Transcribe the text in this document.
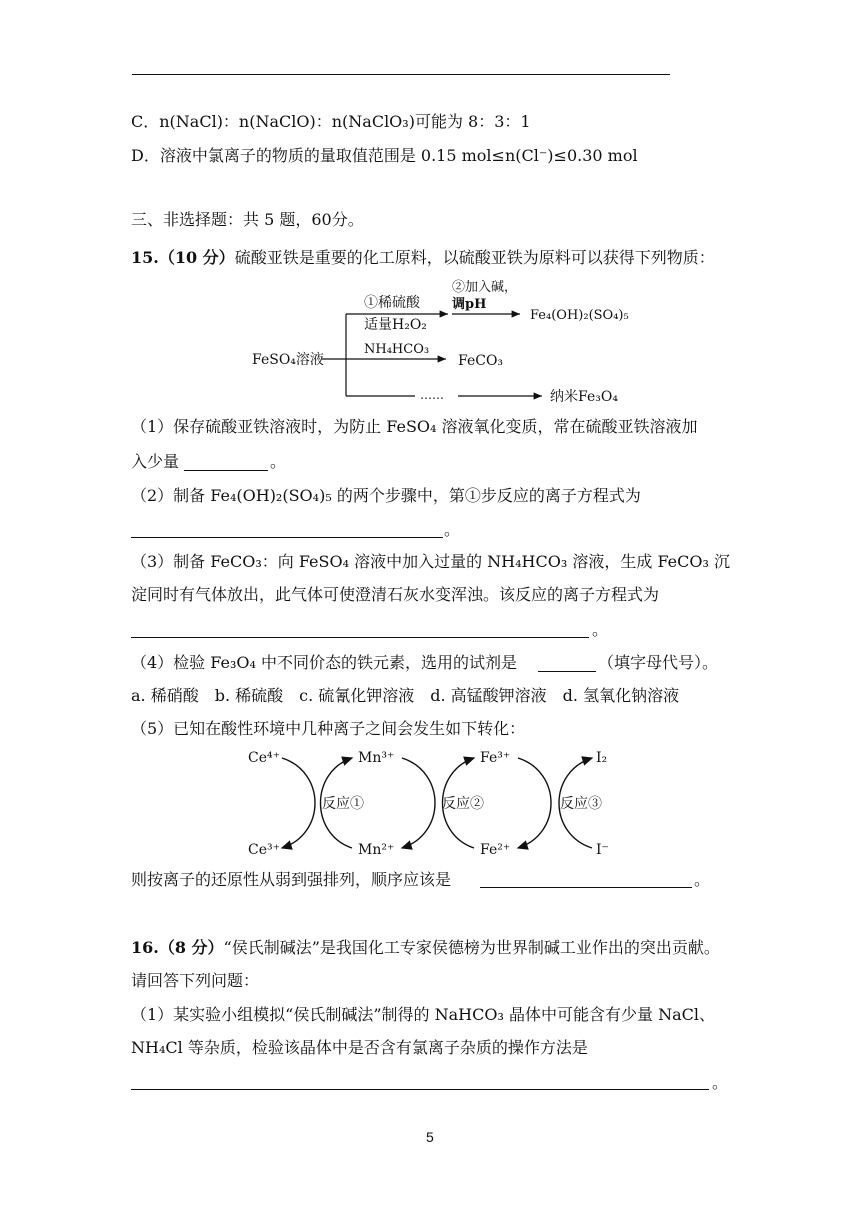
C．n(NaCl)：n(NaClO)：n(NaClO₃)可能为 8：3：1
D．溶液中氯离子的物质的量取值范围是 0.15 mol≤n(Cl⁻)≤0.30 mol
三、非选择题：共 5 题，60分。
15.（10 分）硫酸亚铁是重要的化工原料，以硫酸亚铁为原料可以获得下列物质：
FeSO₄溶液
①稀硫酸
适量H₂O₂
②加入碱，
调pH
Fe₄(OH)₂(SO₄)₅
NH₄HCO₃
FeCO₃
……	纳米Fe₃O₄
（1）保存硫酸亚铁溶液时，为防止 FeSO₄ 溶液氧化变质，常在硫酸亚铁溶液加
入少量	。
（2）制备 Fe₄(OH)₂(SO₄)₅ 的两个步骤中，第①步反应的离子方程式为
。
（3）制备 FeCO₃：向 FeSO₄ 溶液中加入过量的 NH₄HCO₃ 溶液，生成 FeCO₃ 沉
淀同时有气体放出，此气体可使澄清石灰水变浑浊。该反应的离子方程式为
。
（4）检验 Fe₃O₄ 中不同价态的铁元素，选用的试剂是	（填字母代号）。
a. 稀硝酸　b. 稀硫酸　c. 硫氰化钾溶液　d. 高锰酸钾溶液　d. 氢氧化钠溶液
（5）已知在酸性环境中几种离子之间会发生如下转化：
Ce⁴⁺
Ce³⁺
Mn³⁺
Mn²⁺
Fe³⁺
Fe²⁺
I₂
I⁻
反应①	反应②	反应③
则按离子的还原性从弱到强排列，顺序应该是	。
16.（8 分）“侯氏制碱法”是我国化工专家侯德榜为世界制碱工业作出的突出贡献。
请回答下列问题：
（1）某实验小组模拟“侯氏制碱法”制得的 NaHCO₃ 晶体中可能含有少量 NaCl、
NH₄Cl 等杂质，检验该晶体中是否含有氯离子杂质的操作方法是
。
5
